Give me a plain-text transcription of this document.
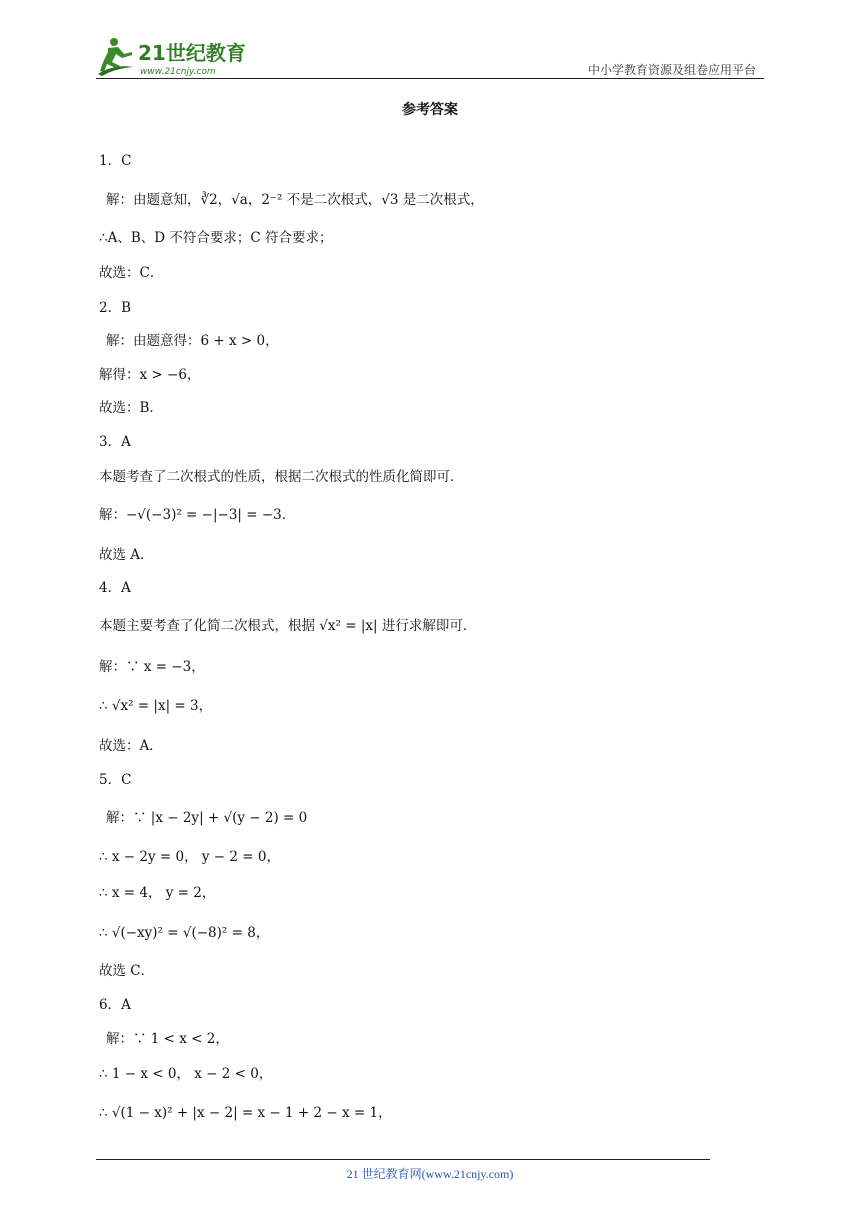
21世纪教育
www.21cnjy.com	中小学教育资源及组卷应用平台
参考答案
1．C
解：由题意知，∛2，√a，2⁻² 不是二次根式，√3 是二次根式，
∴A、B、D 不符合要求；C 符合要求；
故选：C．
2．B
解：由题意得：6 + x > 0，
解得：x > −6，
故选：B．
3．A
本题考查了二次根式的性质，根据二次根式的性质化简即可．
解：−√(−3)² = −|−3| = −3．
故选 A．
4．A
本题主要考查了化简二次根式，根据 √x² = |x| 进行求解即可．
解：∵ x = −3，
∴ √x² = |x| = 3，
故选：A．
5．C
解：∵ |x − 2y| + √(y − 2) = 0
∴ x − 2y = 0， y − 2 = 0，
∴ x = 4， y = 2，
∴ √(−xy)² = √(−8)² = 8，
故选 C．
6．A
解：∵ 1 < x < 2，
∴ 1 − x < 0， x − 2 < 0，
∴ √(1 − x)² + |x − 2| = x − 1 + 2 − x = 1，
21 世纪教育网(www.21cnjy.com)
